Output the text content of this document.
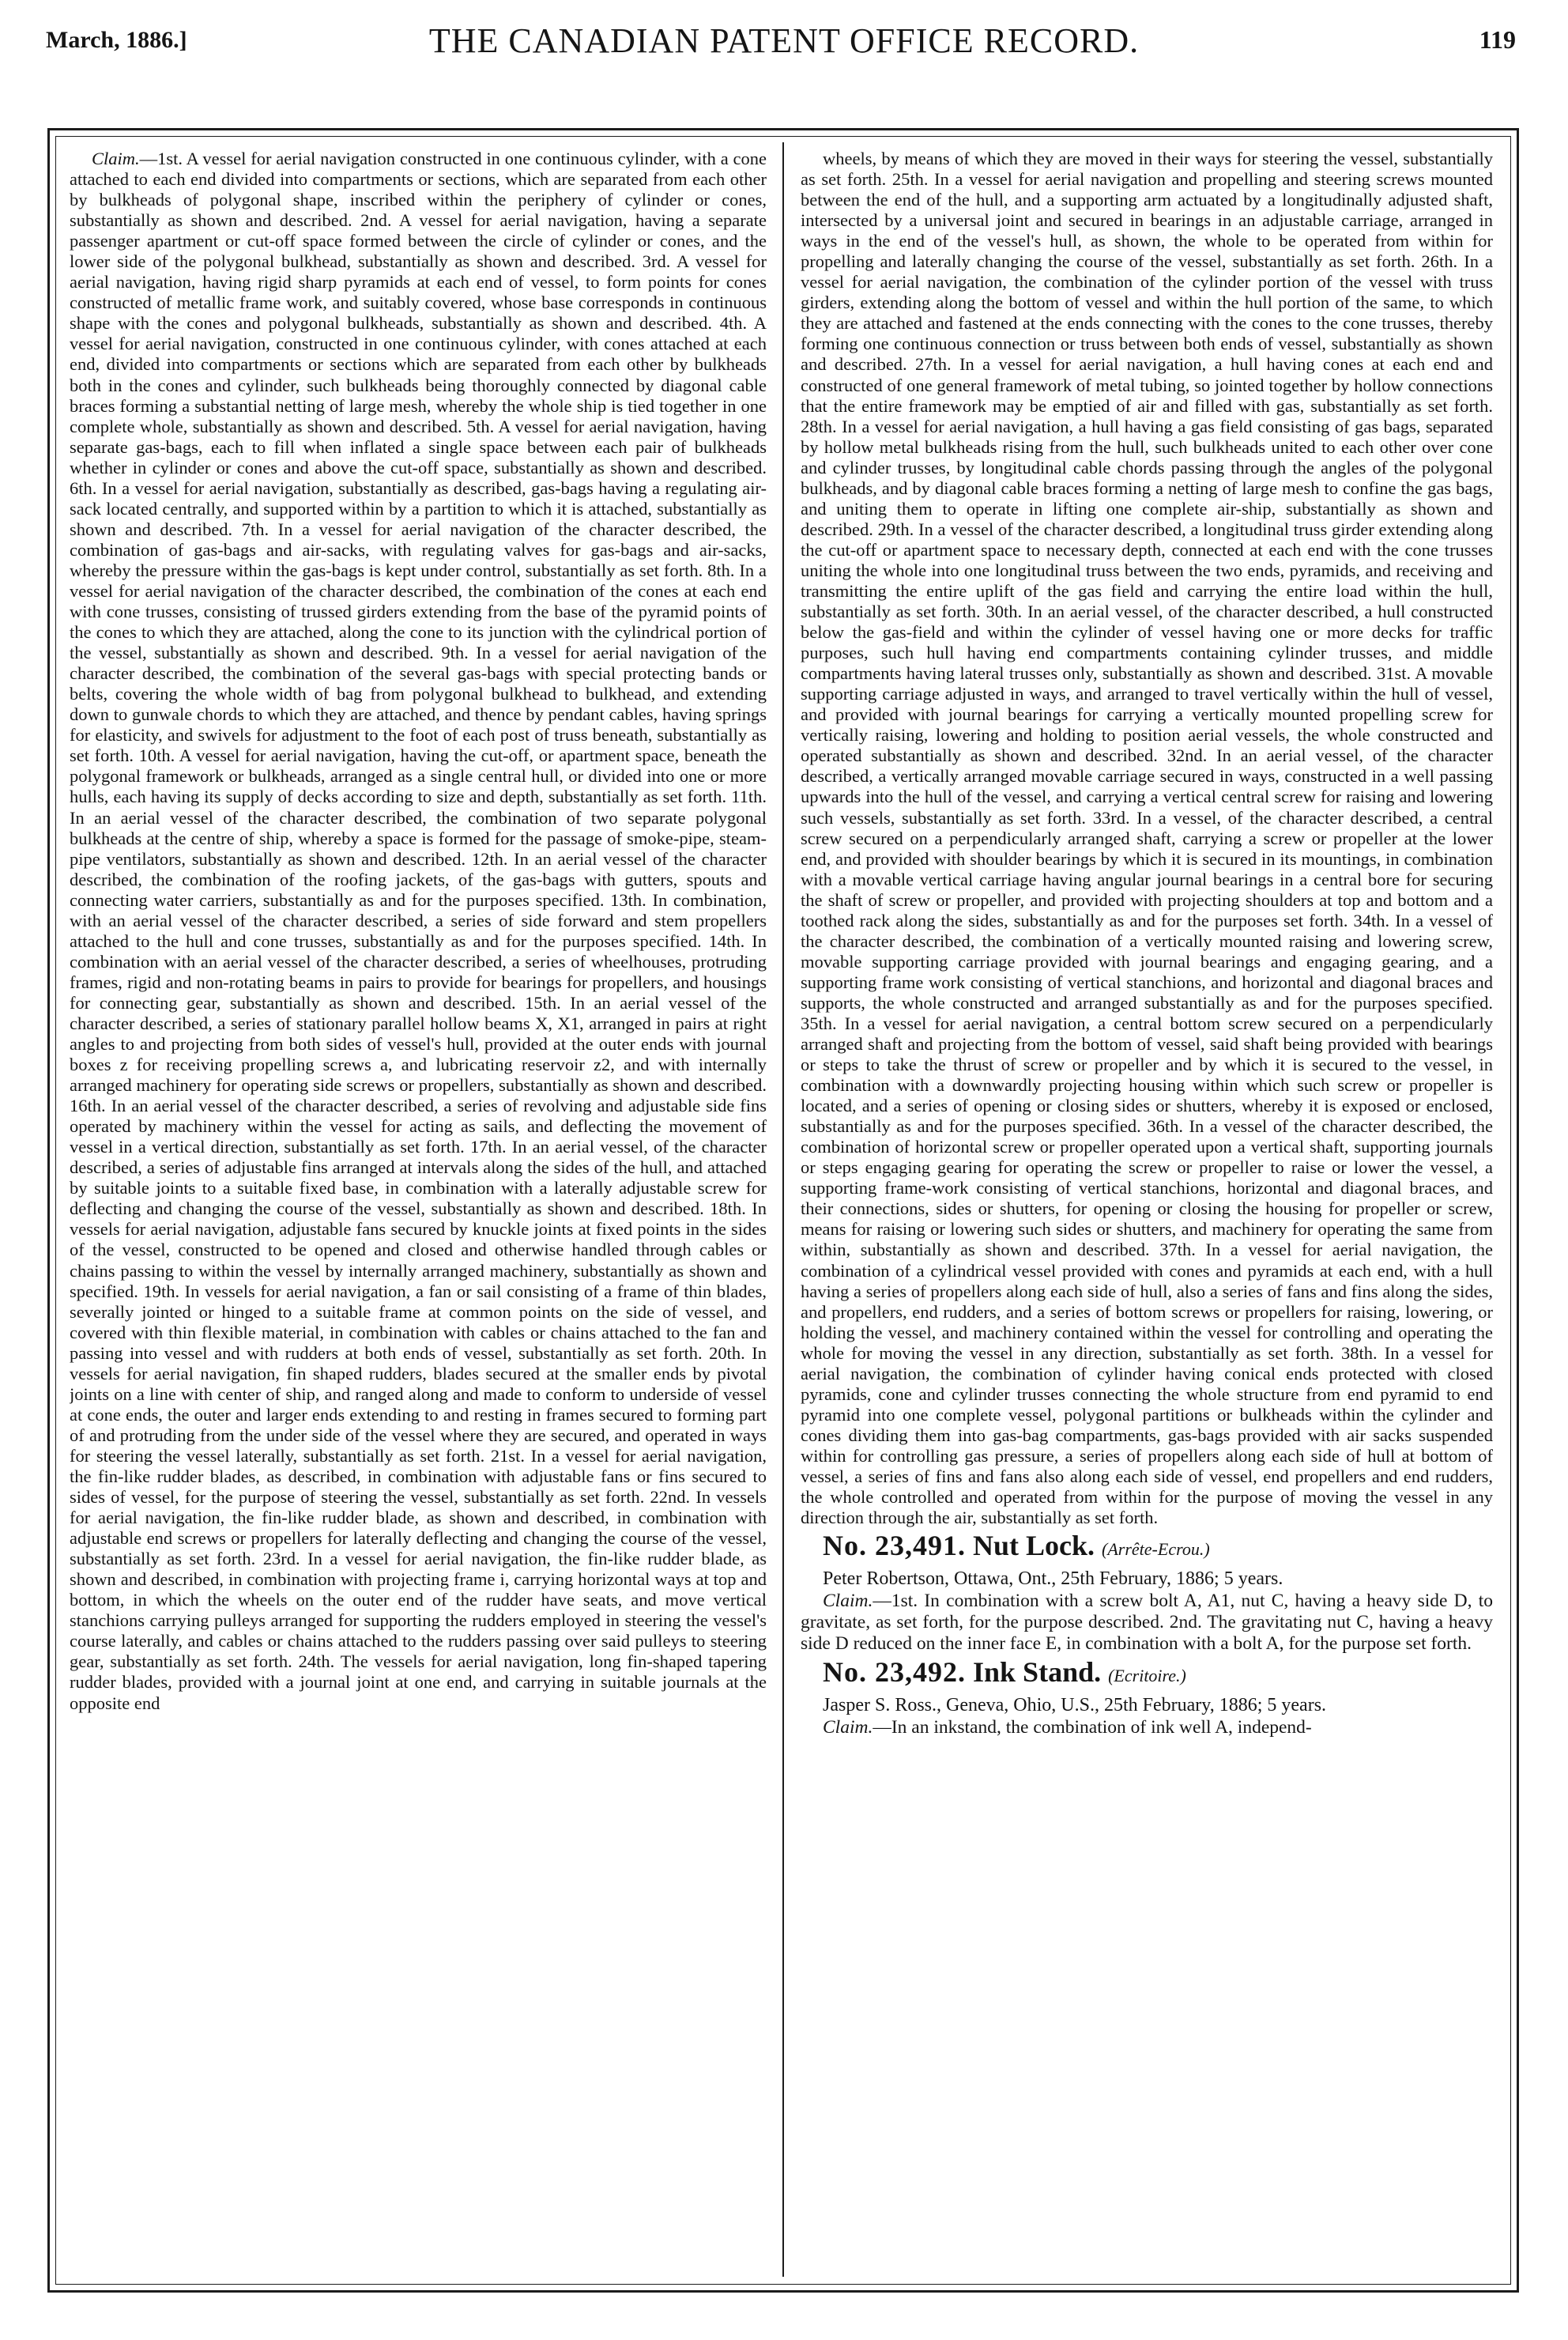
March, 1886.]	THE CANADIAN PATENT OFFICE RECORD.	119

Claim.—1st. A vessel for aerial navigation constructed in one continuous cylinder, with a cone attached to each end divided into compartments or sections, which are separated from each other by bulkheads of polygonal shape, inscribed within the periphery of cylinder or cones, substantially as shown and described. 2nd. A vessel for aerial navigation, having a separate passenger apartment or cut-off space formed between the circle of cylinder or cones, and the lower side of the polygonal bulkhead, substantially as shown and described. 3rd. A vessel for aerial navigation, having rigid sharp pyramids at each end of vessel, to form points for cones constructed of metallic frame work, and suitably covered, whose base corresponds in continuous shape with the cones and polygonal bulkheads, substantially as shown and described. 4th. A vessel for aerial navigation, constructed in one continuous cylinder, with cones attached at each end, divided into compartments or sections which are separated from each other by bulkheads both in the cones and cylinder, such bulkheads being thoroughly connected by diagonal cable braces forming a substantial netting of large mesh, whereby the whole ship is tied together in one complete whole, substantially as shown and described. 5th. A vessel for aerial navigation, having separate gas-bags, each to fill when inflated a single space between each pair of bulkheads whether in cylinder or cones and above the cut-off space, substantially as shown and described. 6th. In a vessel for aerial navigation, substantially as described, gas-bags having a regulating air-sack located centrally, and supported within by a partition to which it is attached, substantially as shown and described. 7th. In a vessel for aerial navigation of the character described, the combination of gas-bags and air-sacks, with regulating valves for gas-bags and air-sacks, whereby the pressure within the gas-bags is kept under control, substantially as set forth. 8th. In a vessel for aerial navigation of the character described, the combination of the cones at each end with cone trusses, consisting of trussed girders extending from the base of the pyramid points of the cones to which they are attached, along the cone to its junction with the cylindrical portion of the vessel, substantially as shown and described. 9th. In a vessel for aerial navigation of the character described, the combination of the several gas-bags with special protecting bands or belts, covering the whole width of bag from polygonal bulkhead to bulkhead, and extending down to gunwale chords to which they are attached, and thence by pendant cables, having springs for elasticity, and swivels for adjustment to the foot of each post of truss beneath, substantially as set forth. 10th. A vessel for aerial navigation, having the cut-off, or apartment space, beneath the polygonal framework or bulkheads, arranged as a single central hull, or divided into one or more hulls, each having its supply of decks according to size and depth, substantially as set forth. 11th. In an aerial vessel of the character described, the combination of two separate polygonal bulkheads at the centre of ship, whereby a space is formed for the passage of smoke-pipe, steam-pipe ventilators, substantially as shown and described. 12th. In an aerial vessel of the character described, the combination of the roofing jackets, of the gas-bags with gutters, spouts and connecting water carriers, substantially as and for the purposes specified. 13th. In combination, with an aerial vessel of the character described, a series of side forward and stem propellers attached to the hull and cone trusses, substantially as and for the purposes specified. 14th. In combination with an aerial vessel of the character described, a series of wheelhouses, protruding frames, rigid and non-rotating beams in pairs to provide for bearings for propellers, and housings for connecting gear, substantially as shown and described. 15th. In an aerial vessel of the character described, a series of stationary parallel hollow beams X, X1, arranged in pairs at right angles to and projecting from both sides of vessel's hull, provided at the outer ends with journal boxes z for receiving propelling screws a, and lubricating reservoir z2, and with internally arranged machinery for operating side screws or propellers, substantially as shown and described. 16th. In an aerial vessel of the character described, a series of revolving and adjustable side fins operated by machinery within the vessel for acting as sails, and deflecting the movement of vessel in a vertical direction, substantially as set forth. 17th. In an aerial vessel, of the character described, a series of adjustable fins arranged at intervals along the sides of the hull, and attached by suitable joints to a suitable fixed base, in combination with a laterally adjustable screw for deflecting and changing the course of the vessel, substantially as shown and described. 18th. In vessels for aerial navigation, adjustable fans secured by knuckle joints at fixed points in the sides of the vessel, constructed to be opened and closed and otherwise handled through cables or chains passing to within the vessel by internally arranged machinery, substantially as shown and specified. 19th. In vessels for aerial navigation, a fan or sail consisting of a frame of thin blades, severally jointed or hinged to a suitable frame at common points on the side of vessel, and covered with thin flexible material, in combination with cables or chains attached to the fan and passing into vessel and with rudders at both ends of vessel, substantially as set forth. 20th. In vessels for aerial navigation, fin shaped rudders, blades secured at the smaller ends by pivotal joints on a line with center of ship, and ranged along and made to conform to underside of vessel at cone ends, the outer and larger ends extending to and resting in frames secured to forming part of and protruding from the under side of the vessel where they are secured, and operated in ways for steering the vessel laterally, substantially as set forth. 21st. In a vessel for aerial navigation, the fin-like rudder blades, as described, in combination with adjustable fans or fins secured to sides of vessel, for the purpose of steering the vessel, substantially as set forth. 22nd. In vessels for aerial navigation, the fin-like rudder blade, as shown and described, in combination with adjustable end screws or propellers for laterally deflecting and changing the course of the vessel, substantially as set forth. 23rd. In a vessel for aerial navigation, the fin-like rudder blade, as shown and described, in combination with projecting frame i, carrying horizontal ways at top and bottom, in which the wheels on the outer end of the rudder have seats, and move vertical stanchions carrying pulleys arranged for supporting the rudders employed in steering the vessel's course laterally, and cables or chains attached to the rudders passing over said pulleys to steering gear, substantially as set forth. 24th. The vessels for aerial navigation, long fin-shaped tapering rudder blades, provided with a journal joint at one end, and carrying in suitable journals at the opposite end

wheels, by means of which they are moved in their ways for steering the vessel, substantially as set forth. 25th. In a vessel for aerial navigation and propelling and steering screws mounted between the end of the hull, and a supporting arm actuated by a longitudinally adjusted shaft, intersected by a universal joint and secured in bearings in an adjustable carriage, arranged in ways in the end of the vessel's hull, as shown, the whole to be operated from within for propelling and laterally changing the course of the vessel, substantially as set forth. 26th. In a vessel for aerial navigation, the combination of the cylinder portion of the vessel with truss girders, extending along the bottom of vessel and within the hull portion of the same, to which they are attached and fastened at the ends connecting with the cones to the cone trusses, thereby forming one continuous connection or truss between both ends of vessel, substantially as shown and described. 27th. In a vessel for aerial navigation, a hull having cones at each end and constructed of one general framework of metal tubing, so jointed together by hollow connections that the entire framework may be emptied of air and filled with gas, substantially as set forth. 28th. In a vessel for aerial navigation, a hull having a gas field consisting of gas bags, separated by hollow metal bulkheads rising from the hull, such bulkheads united to each other over cone and cylinder trusses, by longitudinal cable chords passing through the angles of the polygonal bulkheads, and by diagonal cable braces forming a netting of large mesh to confine the gas bags, and uniting them to operate in lifting one complete air-ship, substantially as shown and described. 29th. In a vessel of the character described, a longitudinal truss girder extending along the cut-off or apartment space to necessary depth, connected at each end with the cone trusses uniting the whole into one longitudinal truss between the two ends, pyramids, and receiving and transmitting the entire uplift of the gas field and carrying the entire load within the hull, substantially as set forth. 30th. In an aerial vessel, of the character described, a hull constructed below the gas-field and within the cylinder of vessel having one or more decks for traffic purposes, such hull having end compartments containing cylinder trusses, and middle compartments having lateral trusses only, substantially as shown and described. 31st. A movable supporting carriage adjusted in ways, and arranged to travel vertically within the hull of vessel, and provided with journal bearings for carrying a vertically mounted propelling screw for vertically raising, lowering and holding to position aerial vessels, the whole constructed and operated substantially as shown and described. 32nd. In an aerial vessel, of the character described, a vertically arranged movable carriage secured in ways, constructed in a well passing upwards into the hull of the vessel, and carrying a vertical central screw for raising and lowering such vessels, substantially as set forth. 33rd. In a vessel, of the character described, a central screw secured on a perpendicularly arranged shaft, carrying a screw or propeller at the lower end, and provided with shoulder bearings by which it is secured in its mountings, in combination with a movable vertical carriage having angular journal bearings in a central bore for securing the shaft of screw or propeller, and provided with projecting shoulders at top and bottom and a toothed rack along the sides, substantially as and for the purposes set forth. 34th. In a vessel of the character described, the combination of a vertically mounted raising and lowering screw, movable supporting carriage provided with journal bearings and engaging gearing, and a supporting frame work consisting of vertical stanchions, and horizontal and diagonal braces and supports, the whole constructed and arranged substantially as and for the purposes specified. 35th. In a vessel for aerial navigation, a central bottom screw secured on a perpendicularly arranged shaft and projecting from the bottom of vessel, said shaft being provided with bearings or steps to take the thrust of screw or propeller and by which it is secured to the vessel, in combination with a downwardly projecting housing within which such screw or propeller is located, and a series of opening or closing sides or shutters, whereby it is exposed or enclosed, substantially as and for the purposes specified. 36th. In a vessel of the character described, the combination of horizontal screw or propeller operated upon a vertical shaft, supporting journals or steps engaging gearing for operating the screw or propeller to raise or lower the vessel, a supporting frame-work consisting of vertical stanchions, horizontal and diagonal braces, and their connections, sides or shutters, for opening or closing the housing for propeller or screw, means for raising or lowering such sides or shutters, and machinery for operating the same from within, substantially as shown and described. 37th. In a vessel for aerial navigation, the combination of a cylindrical vessel provided with cones and pyramids at each end, with a hull having a series of propellers along each side of hull, also a series of fans and fins along the sides, and propellers, end rudders, and a series of bottom screws or propellers for raising, lowering, or holding the vessel, and machinery contained within the vessel for controlling and operating the whole for moving the vessel in any direction, substantially as set forth. 38th. In a vessel for aerial navigation, the combination of cylinder having conical ends protected with closed pyramids, cone and cylinder trusses connecting the whole structure from end pyramid to end pyramid into one complete vessel, polygonal partitions or bulkheads within the cylinder and cones dividing them into gas-bag compartments, gas-bags provided with air sacks suspended within for controlling gas pressure, a series of propellers along each side of hull at bottom of vessel, a series of fins and fans also along each side of vessel, end propellers and end rudders, the whole controlled and operated from within for the purpose of moving the vessel in any direction through the air, substantially as set forth.

No. 23,491. Nut Lock. (Arrête-Ecrou.)

Peter Robertson, Ottawa, Ont., 25th February, 1886; 5 years.

Claim.—1st. In combination with a screw bolt A, A1, nut C, having a heavy side D, to gravitate, as set forth, for the purpose described. 2nd. The gravitating nut C, having a heavy side D reduced on the inner face E, in combination with a bolt A, for the purpose set forth.

No. 23,492. Ink Stand. (Ecritoire.)

Jasper S. Ross., Geneva, Ohio, U.S., 25th February, 1886; 5 years.

Claim.—In an inkstand, the combination of ink well A, independ-
